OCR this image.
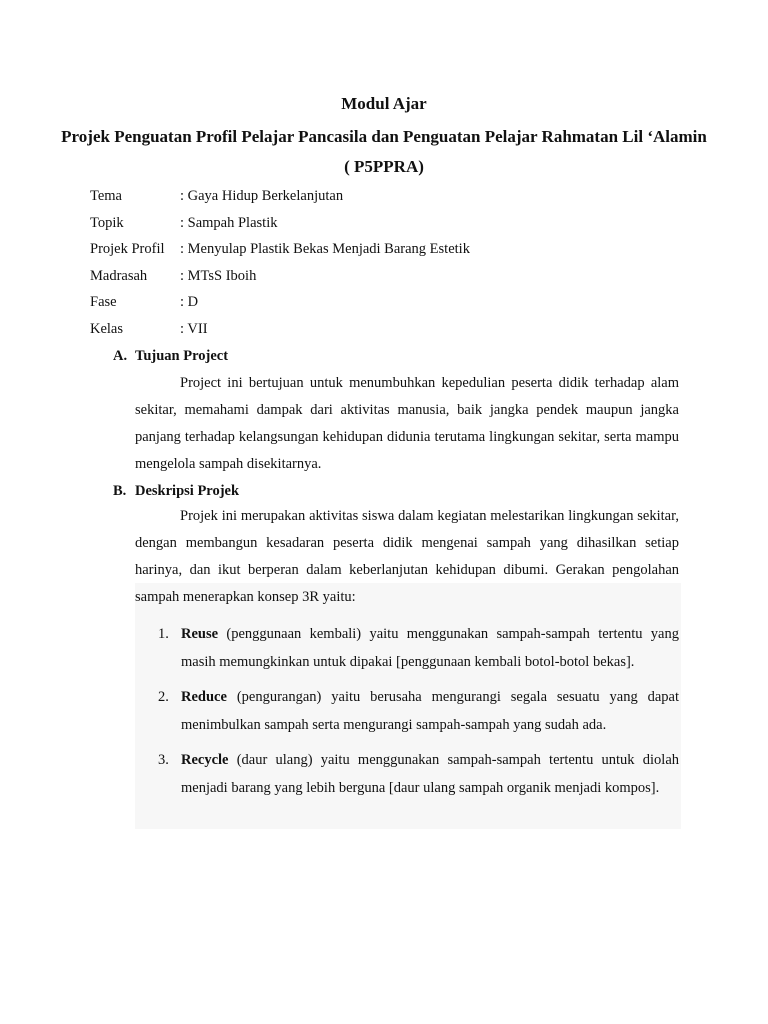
Modul Ajar
Projek Penguatan Profil Pelajar Pancasila dan Penguatan Pelajar Rahmatan Lil ‘Alamin ( P5PPRA)
Tema	: Gaya Hidup Berkelanjutan
Topik	: Sampah Plastik
Projek Profil : Menyulap Plastik Bekas Menjadi Barang Estetik
Madrasah : MTsS Iboih
Fase	: D
Kelas	: VII
A. Tujuan Project
Project ini bertujuan untuk menumbuhkan kepedulian peserta didik terhadap alam sekitar, memahami dampak dari aktivitas manusia, baik jangka pendek maupun jangka panjang terhadap kelangsungan kehidupan didunia terutama lingkungan sekitar, serta mampu mengelola sampah disekitarnya.
B. Deskripsi Projek
Projek ini merupakan aktivitas siswa dalam kegiatan melestarikan lingkungan sekitar, dengan membangun kesadaran peserta didik mengenai sampah yang dihasilkan setiap harinya, dan ikut berperan dalam keberlanjutan kehidupan dibumi. Gerakan pengolahan sampah menerapkan konsep 3R yaitu:
1. Reuse (penggunaan kembali) yaitu menggunakan sampah-sampah tertentu yang masih memungkinkan untuk dipakai [penggunaan kembali botol-botol bekas].
2. Reduce (pengurangan) yaitu berusaha mengurangi segala sesuatu yang dapat menimbulkan sampah serta mengurangi sampah-sampah yang sudah ada.
3. Recycle (daur ulang) yaitu menggunakan sampah-sampah tertentu untuk diolah menjadi barang yang lebih berguna [daur ulang sampah organik menjadi kompos].
